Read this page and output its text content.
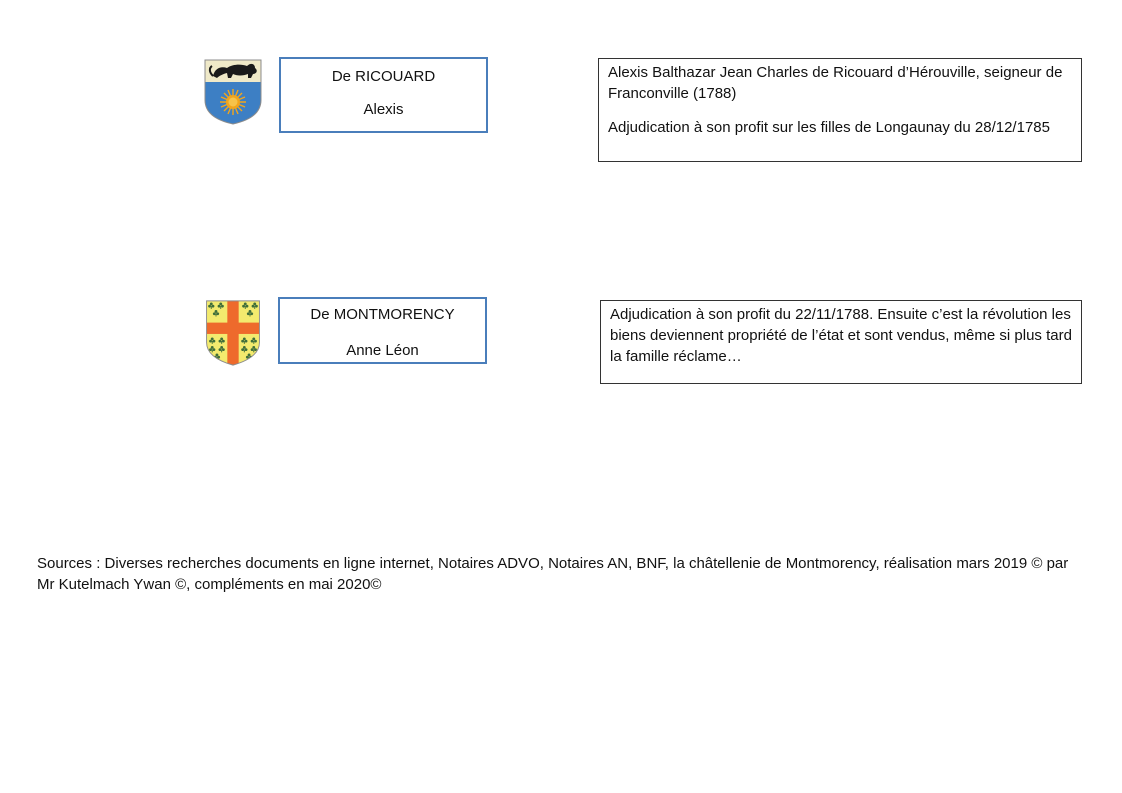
De RICOUARD
Alexis

Alexis Balthazar Jean Charles de Ricouard d’Hérouville, seigneur de Franconville (1788)

Adjudication à son profit sur les filles de Longaunay du 28/12/1785

De MONTMORENCY
Anne Léon

Adjudication à son profit du 22/11/1788. Ensuite c’est la révolution les biens deviennent propriété de l’état et sont vendus, même si plus tard la famille réclame…

Sources : Diverses recherches documents en ligne internet, Notaires ADVO, Notaires AN, BNF, la châtellenie de Montmorency, réalisation mars 2019 © par Mr Kutelmach Ywan ©, compléments en mai 2020©
